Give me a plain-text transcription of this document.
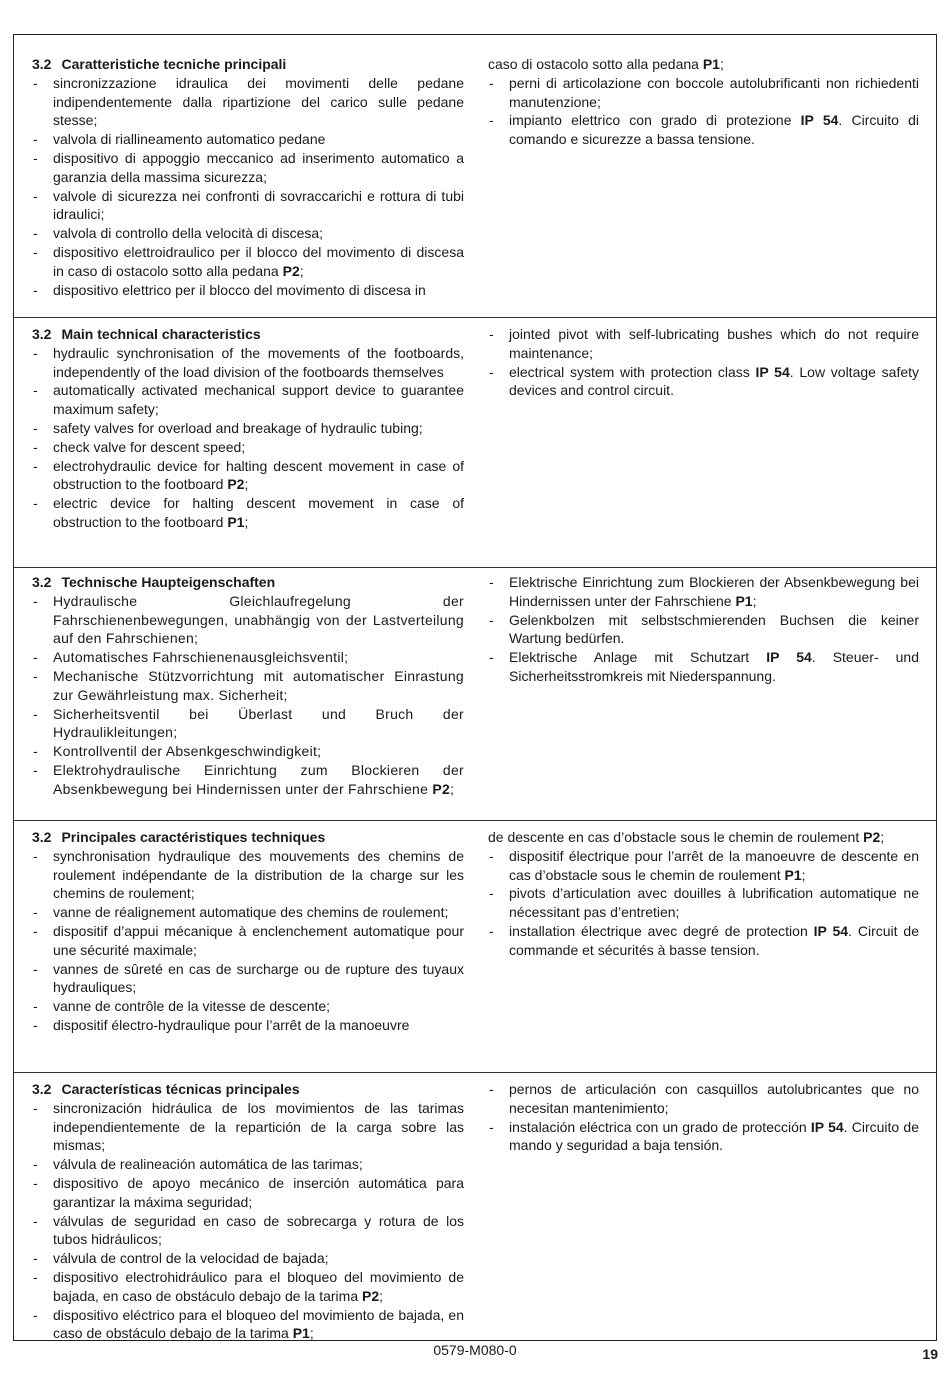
3.2 Caratteristiche tecniche principali

- sincronizzazione idraulica dei movimenti delle pedane indipendentemente dalla ripartizione del carico sulle pedane stesse;
- valvola di riallineamento automatico pedane
- dispositivo di appoggio meccanico ad inserimento automatico a garanzia della massima sicurezza;
- valvole di sicurezza nei confronti di sovraccarichi e rottura di tubi idraulici;
- valvola di controllo della velocità di discesa;
- dispositivo elettroidraulico per il blocco del movimento di discesa in caso di ostacolo sotto alla pedana P2;
- dispositivo elettrico per il blocco del movimento di discesa in
caso di ostacolo sotto alla pedana P1;
- perni di articolazione con boccole autolubrificanti non richiedenti manutenzione;
- impianto elettrico con grado di protezione IP 54. Circuito di comando e sicurezze a bassa tensione.

3.2 Main technical characteristics

- hydraulic synchronisation of the movements of the footboards, independently of the load division of the footboards themselves
- automatically activated mechanical support device to guarantee maximum safety;
- safety valves for overload and breakage of hydraulic tubing;
- check valve for descent speed;
- electrohydraulic device for halting descent movement in case of obstruction to the footboard P2;
- electric device for halting descent movement in case of obstruction to the footboard P1;
- jointed pivot with self-lubricating bushes which do not require maintenance;
- electrical system with protection class IP 54. Low voltage safety devices and control circuit.

3.2 Technische Haupteigenschaften

- Hydraulische Gleichlaufregelung der Fahrschienenbewegungen, unabhängig von der Lastverteilung auf den Fahrschienen;
- Automatisches Fahrschienenausgleichsventil;
- Mechanische Stützvorrichtung mit automatischer Einrastung zur Gewährleistung max. Sicherheit;
- Sicherheitsventil bei Überlast und Bruch der Hydraulikleitungen;
- Kontrollventil der Absenkgeschwindigkeit;
- Elektrohydraulische Einrichtung zum Blockieren der Absenkbewegung bei Hindernissen unter der Fahrschiene P2;
- Elektrische Einrichtung zum Blockieren der Absenkbewegung bei Hindernissen unter der Fahrschiene P1;
- Gelenkbolzen mit selbstschmierenden Buchsen die keiner Wartung bedürfen.
- Elektrische Anlage mit Schutzart IP 54. Steuer- und Sicherheitsstromkreis mit Niederspannung.

3.2 Principales caractéristiques techniques

- synchronisation hydraulique des mouvements des chemins de roulement indépendante de la distribution de la charge sur les chemins de roulement;
- vanne de réalignement automatique des chemins de roulement;
- dispositif d’appui mécanique à enclenchement automatique pour une sécurité maximale;
- vannes de sûreté en cas de surcharge ou de rupture des tuyaux hydrauliques;
- vanne de contrôle de la vitesse de descente;
- dispositif électro-hydraulique pour l’arrêt de la manoeuvre
de descente en cas d’obstacle sous le chemin de roulement P2;
- dispositif électrique pour l’arrêt de la manoeuvre de descente en cas d’obstacle sous le chemin de roulement P1;
- pivots d’articulation avec douilles à lubrification automatique ne nécessitant pas d’entretien;
- installation électrique avec degré de protection IP 54. Circuit de commande et sécurités à basse tension.

3.2 Características técnicas principales

- sincronización hidráulica de los movimientos de las tarimas independientemente de la repartición de la carga sobre las mismas;
- válvula de realineación automática de las tarimas;
- dispositivo de apoyo mecánico de inserción automática para garantizar la máxima seguridad;
- válvulas de seguridad en caso de sobrecarga y rotura de los tubos hidráulicos;
- válvula de control de la velocidad de bajada;
- dispositivo electrohidráulico para el bloqueo del movimiento de bajada, en caso de obstáculo debajo de la tarima P2;
- dispositivo eléctrico para el bloqueo del movimiento de bajada, en caso de obstáculo debajo de la tarima P1;
- pernos de articulación con casquillos autolubricantes que no necesitan mantenimiento;
- instalación eléctrica con un grado de protección IP 54. Circuito de mando y seguridad a baja tensión.
0579-M080-0	19
